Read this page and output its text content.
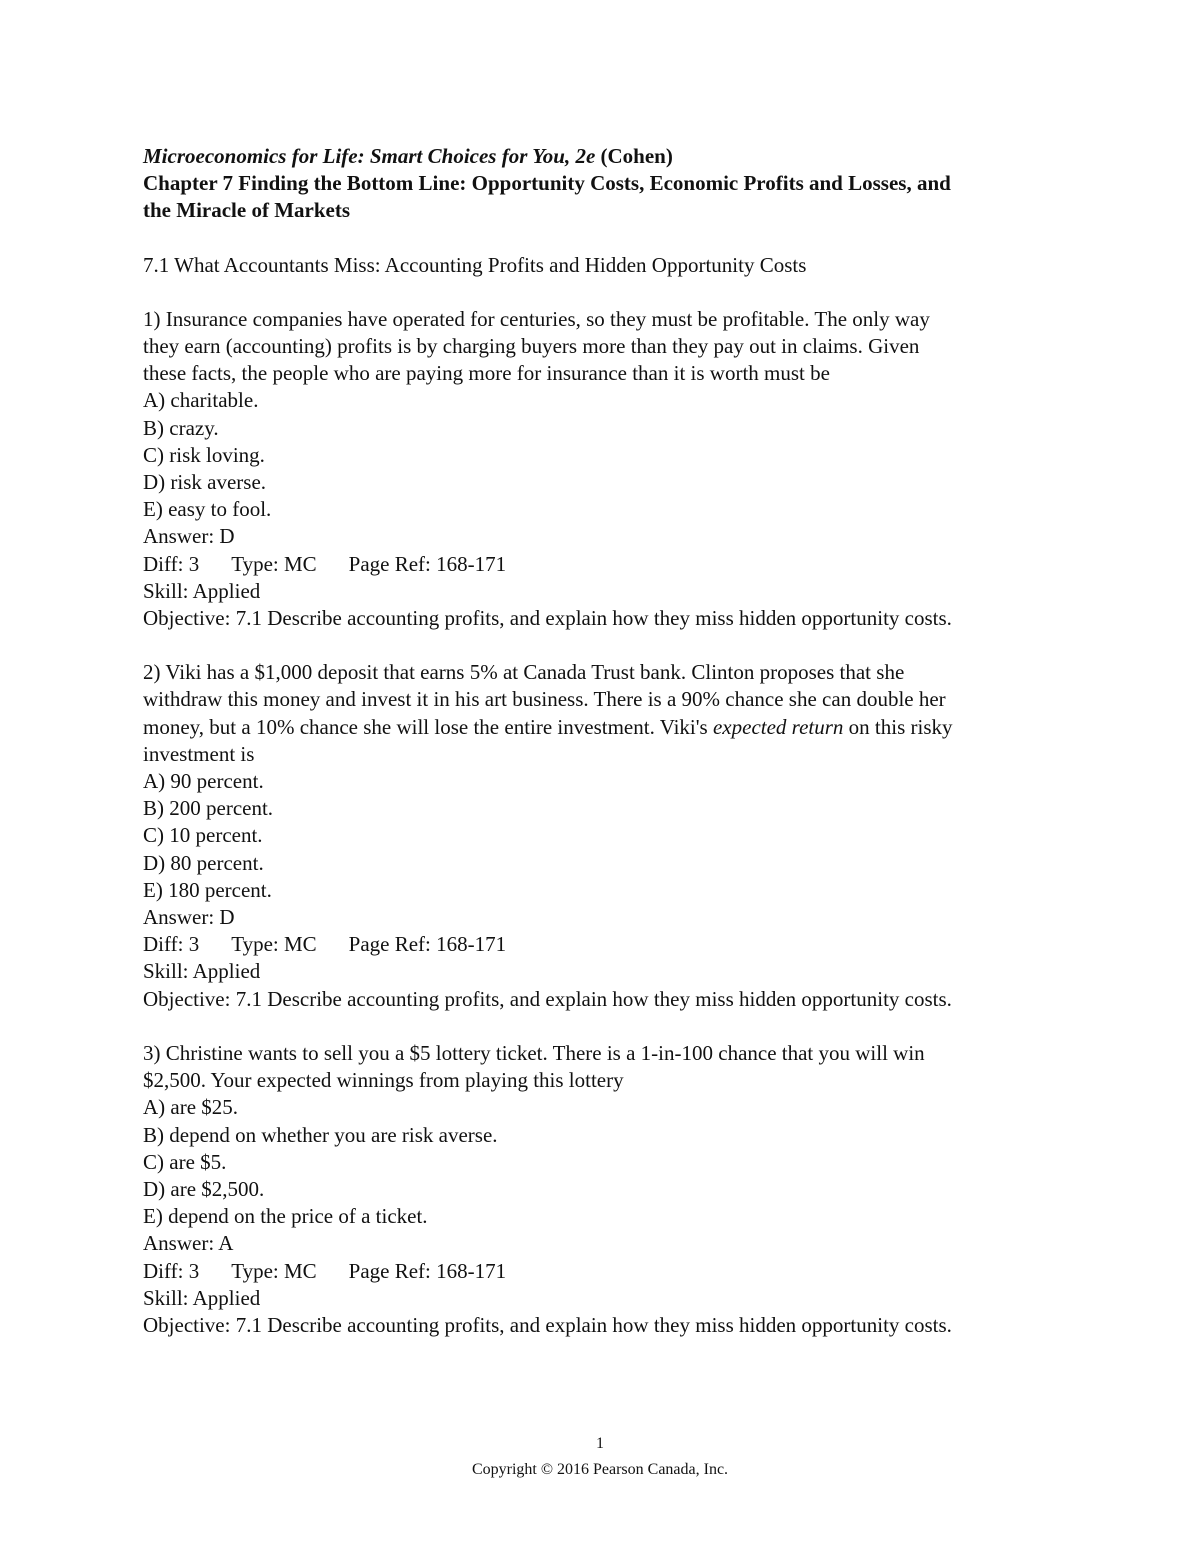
Microeconomics for Life: Smart Choices for You, 2e (Cohen)
Chapter 7 Finding the Bottom Line: Opportunity Costs, Economic Profits and Losses, and
the Miracle of Markets
7.1 What Accountants Miss: Accounting Profits and Hidden Opportunity Costs
1) Insurance companies have operated for centuries, so they must be profitable. The only way
they earn (accounting) profits is by charging buyers more than they pay out in claims. Given
these facts, the people who are paying more for insurance than it is worth must be
A) charitable.
B) crazy.
C) risk loving.
D) risk averse.
E) easy to fool.
Answer: D
Diff: 3 Type: MC Page Ref: 168-171
Skill: Applied
Objective: 7.1 Describe accounting profits, and explain how they miss hidden opportunity costs.
2) Viki has a $1,000 deposit that earns 5% at Canada Trust bank. Clinton proposes that she
withdraw this money and invest it in his art business. There is a 90% chance she can double her
money, but a 10% chance she will lose the entire investment. Viki's expected return on this risky
investment is
A) 90 percent.
B) 200 percent.
C) 10 percent.
D) 80 percent.
E) 180 percent.
Answer: D
Diff: 3 Type: MC Page Ref: 168-171
Skill: Applied
Objective: 7.1 Describe accounting profits, and explain how they miss hidden opportunity costs.
3) Christine wants to sell you a $5 lottery ticket. There is a 1-in-100 chance that you will win
$2,500. Your expected winnings from playing this lottery
A) are $25.
B) depend on whether you are risk averse.
C) are $5.
D) are $2,500.
E) depend on the price of a ticket.
Answer: A
Diff: 3 Type: MC Page Ref: 168-171
Skill: Applied
Objective: 7.1 Describe accounting profits, and explain how they miss hidden opportunity costs.
1
Copyright © 2016 Pearson Canada, Inc.
